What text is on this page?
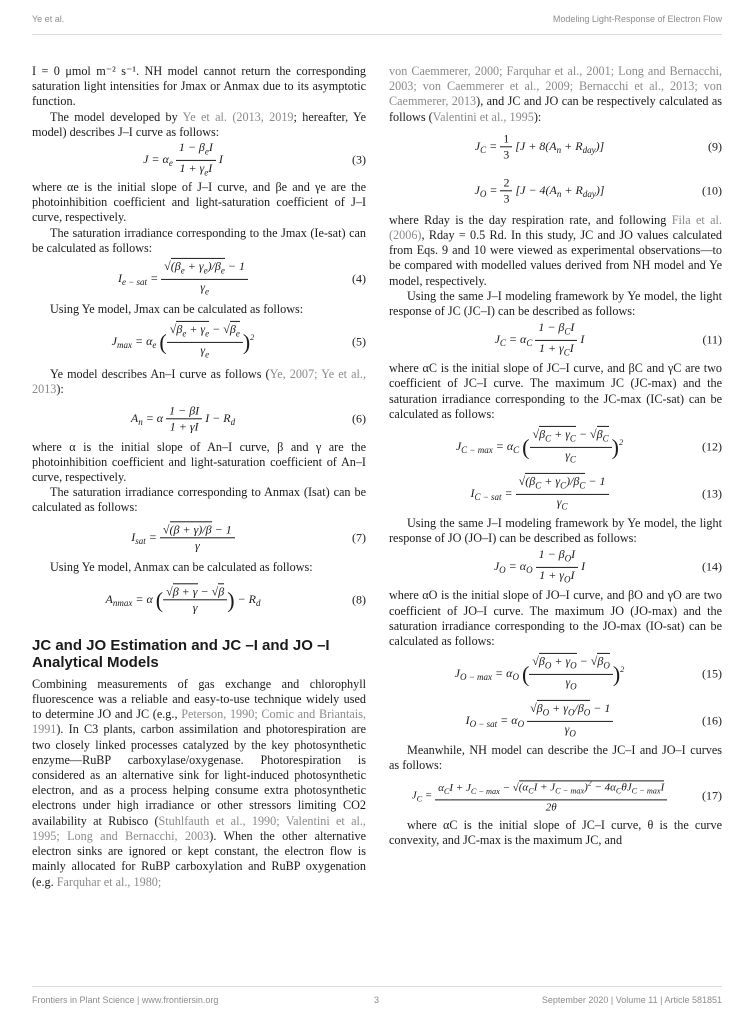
Ye et al.	Modeling Light-Response of Electron Flow

I = 0 μmol m⁻² s⁻¹. NH model cannot return the corresponding saturation light intensities for Jmax or Anmax due to its asymptotic function.

The model developed by Ye et al. (2013, 2019; hereafter, Ye model) describes J–I curve as follows:

$J = \alpha_e \frac{1 - \beta_eI}{1 + \gamma_eI}$ I	(3)

where αe is the initial slope of J–I curve, and βe and γe are the photoinhibition coefficient and light-saturation coefficient of J–I curve, respectively.

The saturation irradiance corresponding to the Jmax (Ie-sat) can be calculated as follows:

$I_{e - sat} = \frac{√(\beta_e + \gamma_e)/\beta_e - 1}{\gamma_e}$	(4)

Using Ye model, Jmax can be calculated as follows:

$J_{max} = \alpha_e$ ( $\frac{√\beta_e + \gamma_e - √\beta_e}{\gamma_e} )^2$	(5)

Ye model describes An–I curve as follows (Ye, 2007; Ye et al., 2013):

$A_n = \alpha \frac{1 - \beta I}{1 + \gamma I}$ $I - R_d$	(6)

where α is the initial slope of An–I curve, β and γ are the photoinhibition coefficient and light-saturation coefficient of An–I curve, respectively.

The saturation irradiance corresponding to Anmax (Isat) can be calculated as follows:

$I_{sat} = \frac{√(\beta + \gamma)/\beta - 1}{\gamma}$	(7)

Using Ye model, Anmax can be calculated as follows:

$A_{nmax} = \alpha$ ( $\frac{√\beta + \gamma - √\beta}{\gamma}$ ) − $R_d$	(8)
JC and JO Estimation and JC –I and JO –I Analytical Models

Combining measurements of gas exchange and chlorophyll fluorescence was a reliable and easy-to-use technique widely used to determine JO and JC (e.g., Peterson, 1990; Comic and Briantais, 1991). In C3 plants, carbon assimilation and photorespiration are two closely linked processes catalyzed by the key photosynthetic enzyme—RuBP carboxylase/oxygenase. Photorespiration is considered as an alternative sink for light-induced photosynthetic electron, and as a process helping consume extra photosynthetic electrons under high irradiance or other stressors limiting CO2 availability at Rubisco (Stuhlfauth et al., 1990; Valentini et al., 1995; Long and Bernacchi, 2003). When the other alternative electron sinks are ignored or kept constant, the electron flow is mainly allocated for RuBP carboxylation and RuBP oxygenation (e.g. Farquhar et al., 1980;

von Caemmerer, 2000; Farquhar et al., 2001; Long and Bernacchi, 2003; von Caemmerer et al., 2009; Bernacchi et al., 2013; von Caemmerer, 2013), and JC and JO can be respectively calculated as follows (Valentini et al., 1995):

$J_C = \frac{1}{3} [J + 8(A_n + R_{day})]$	(9)
$J_O = \frac{2}{3} [J - 4(A_n + R_{day})]$	(10)

where Rday is the day respiration rate, and following Fila et al. (2006), Rday = 0.5 Rd. In this study, JC and JO values calculated from Eqs. 9 and 10 were viewed as experimental observations—to be compared with modelled values derived from NH model and Ye model, respectively.

Using the same J–I modeling framework by Ye model, the light response of JC (JC–I) can be described as follows:

$J_C = \alpha_C \frac{1 - \beta_CI}{1 + \gamma_CI}$ I	(11)

where αC is the initial slope of JC–I curve, and βC and γC are two coefficient of JC–I curve. The maximum JC (JC-max) and the saturation irradiance corresponding to the JC-max (IC-sat) can be calculated as follows:

$J_{C - max} = \alpha_C$ ( $\frac{√\beta_C + \gamma_C - √\beta_C}{\gamma_C} )^2$	(12)
$I_{C - sat} = \frac{√(\beta_C + \gamma_C)/\beta_C - 1}{\gamma_C}$	(13)

Using the same J–I modeling framework by Ye model, the light response of JO (JO–I) can be described as follows:

$J_O = \alpha_O \frac{1 - \beta_OI}{1 + \gamma_OI}$ I	(14)

where αO is the initial slope of JO–I curve, and βO and γO are two coefficient of JO–I curve. The maximum JO (JO-max) and the saturation irradiance corresponding to the JO-max (IO-sat) can be calculated as follows:

$J_{O - max} = \alpha_O$ ( $\frac{√\beta_O + \gamma_O - √\beta_O}{\gamma_O} )^2$	(15)
$I_{O - sat} = \alpha_O \frac{√\beta_O + \gamma_O/\beta_O - 1}{\gamma_O}$	(16)

Meanwhile, NH model can describe the JC–I and JO–I curves as follows:

$J_C = \frac{\alpha_CI + J_{C - max} - √(\alpha_CI + J_{C - max})^2 - 4\alpha_C\theta J_{C - max}I}{2\theta}$	(17)

where αC is the initial slope of JC–I curve, θ is the curve convexity, and JC-max is the maximum JC, and

Frontiers in Plant Science | www.frontiersin.org	3	September 2020 | Volume 11 | Article 581851
